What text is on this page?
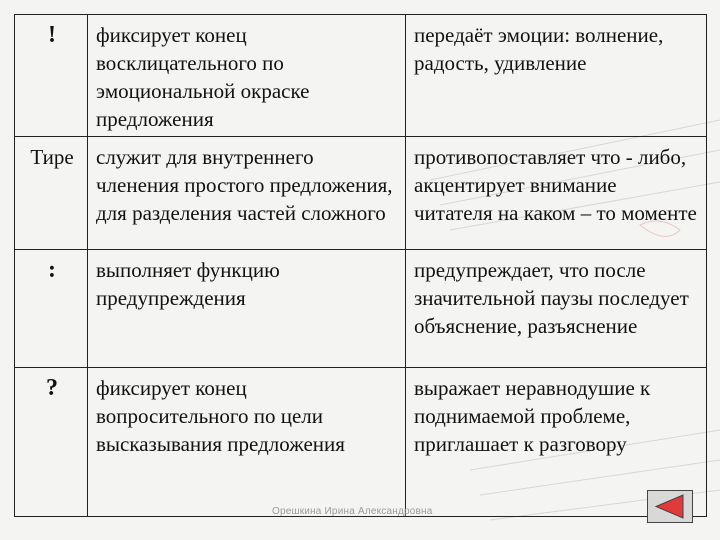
!	фиксирует конец восклицательного по эмоциональной окраске предложения	передаёт эмоции: волнение, радость, удивление
Тире	служит для внутреннего членения простого предложения, для разделения частей сложного	противопоставляет что - либо, акцентирует внимание читателя на каком – то моменте
:	выполняет функцию предупреждения	предупреждает, что после значительной паузы последует объяснение, разъяснение
?	фиксирует конец вопросительного по цели высказывания предложения	выражает неравнодушие к поднимаемой проблеме, приглашает к разговору
Орешкина Ирина Александровна
